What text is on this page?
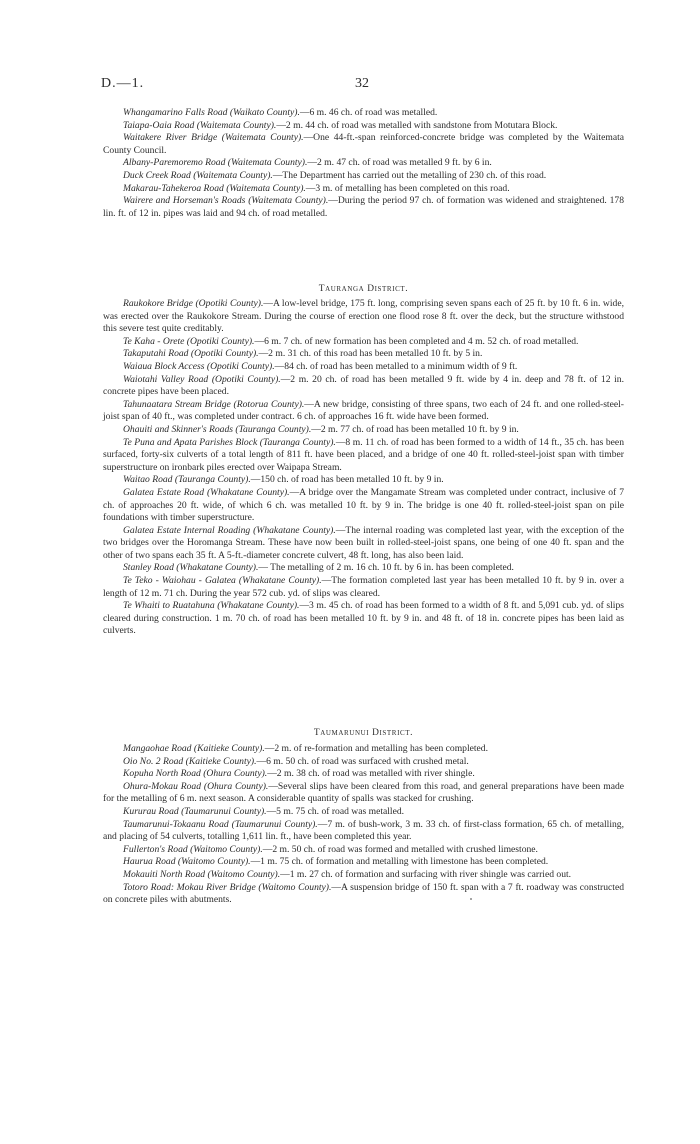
D.—1.	32

Whangamarino Falls Road (Waikato County).—6 m. 46 ch. of road was metalled.

Taiapa-Oaia Road (Waitemata County).—2 m. 44 ch. of road was metalled with sandstone from Motutara Block.

Waitakere River Bridge (Waitemata County).—One 44-ft.-span reinforced-concrete bridge was completed by the Waitemata County Council.

Albany-Paremoremo Road (Waitemata County).—2 m. 47 ch. of road was metalled 9 ft. by 6 in.

Duck Creek Road (Waitemata County).—The Department has carried out the metalling of 230 ch. of this road.

Makarau-Tahekeroa Road (Waitemata County).—3 m. of metalling has been completed on this road.

Wairere and Horseman's Roads (Waitemata County).—During the period 97 ch. of formation was widened and straightened. 178 lin. ft. of 12 in. pipes was laid and 94 ch. of road metalled.

Tauranga District.

Raukokore Bridge (Opotiki County).—A low-level bridge, 175 ft. long, comprising seven spans each of 25 ft. by 10 ft. 6 in. wide, was erected over the Raukokore Stream. During the course of erection one flood rose 8 ft. over the deck, but the structure withstood this severe test quite creditably.

Te Kaha - Orete (Opotiki County).—6 m. 7 ch. of new formation has been completed and 4 m. 52 ch. of road metalled.

Takaputahi Road (Opotiki County).—2 m. 31 ch. of this road has been metalled 10 ft. by 5 in.

Waiaua Block Access (Opotiki County).—84 ch. of road has been metalled to a minimum width of 9 ft.

Waiotahi Valley Road (Opotiki County).—2 m. 20 ch. of road has been metalled 9 ft. wide by 4 in. deep and 78 ft. of 12 in. concrete pipes have been placed.

Tahunaatara Stream Bridge (Rotorua County).—A new bridge, consisting of three spans, two each of 24 ft. and one rolled-steel-joist span of 40 ft., was completed under contract. 6 ch. of approaches 16 ft. wide have been formed.

Ohauiti and Skinner's Roads (Tauranga County).—2 m. 77 ch. of road has been metalled 10 ft. by 9 in.

Te Puna and Apata Parishes Block (Tauranga County).—8 m. 11 ch. of road has been formed to a width of 14 ft., 35 ch. has been surfaced, forty-six culverts of a total length of 811 ft. have been placed, and a bridge of one 40 ft. rolled-steel-joist span with timber superstructure on ironbark piles erected over Waipapa Stream.

Waitao Road (Tauranga County).—150 ch. of road has been metalled 10 ft. by 9 in.

Galatea Estate Road (Whakatane County).—A bridge over the Mangamate Stream was completed under contract, inclusive of 7 ch. of approaches 20 ft. wide, of which 6 ch. was metalled 10 ft. by 9 in. The bridge is one 40 ft. rolled-steel-joist span on pile foundations with timber superstructure.

Galatea Estate Internal Roading (Whakatane County).—The internal roading was completed last year, with the exception of the two bridges over the Horomanga Stream. These have now been built in rolled-steel-joist spans, one being of one 40 ft. span and the other of two spans each 35 ft. A 5-ft.-diameter concrete culvert, 48 ft. long, has also been laid.

Stanley Road (Whakatane County).— The metalling of 2 m. 16 ch. 10 ft. by 6 in. has been completed.

Te Teko - Waiohau - Galatea (Whakatane County).—The formation completed last year has been metalled 10 ft. by 9 in. over a length of 12 m. 71 ch. During the year 572 cub. yd. of slips was cleared.

Te Whaiti to Ruatahuna (Whakatane County).—3 m. 45 ch. of road has been formed to a width of 8 ft. and 5,091 cub. yd. of slips cleared during construction. 1 m. 70 ch. of road has been metalled 10 ft. by 9 in. and 48 ft. of 18 in. concrete pipes has been laid as culverts.

Taumarunui District.

Mangaohae Road (Kaitieke County).—2 m. of re-formation and metalling has been completed.

Oio No. 2 Road (Kaitieke County).—6 m. 50 ch. of road was surfaced with crushed metal.

Kopuha North Road (Ohura County).—2 m. 38 ch. of road was metalled with river shingle.

Ohura-Mokau Road (Ohura County).—Several slips have been cleared from this road, and general preparations have been made for the metalling of 6 m. next season. A considerable quantity of spalls was stacked for crushing.

Kururau Road (Taumarunui County).—5 m. 75 ch. of road was metalled.

Taumarunui-Tokaanu Road (Taumarunui County).—7 m. of bush-work, 3 m. 33 ch. of first-class formation, 65 ch. of metalling, and placing of 54 culverts, totalling 1,611 lin. ft., have been completed this year.

Fullerton's Road (Waitomo County).—2 m. 50 ch. of road was formed and metalled with crushed limestone.

Haurua Road (Waitomo County).—1 m. 75 ch. of formation and metalling with limestone has been completed.

Mokauiti North Road (Waitomo County).—1 m. 27 ch. of formation and surfacing with river shingle was carried out.

Totoro Road: Mokau River Bridge (Waitomo County).—A suspension bridge of 150 ft. span with a 7 ft. roadway was constructed on concrete piles with abutments.
